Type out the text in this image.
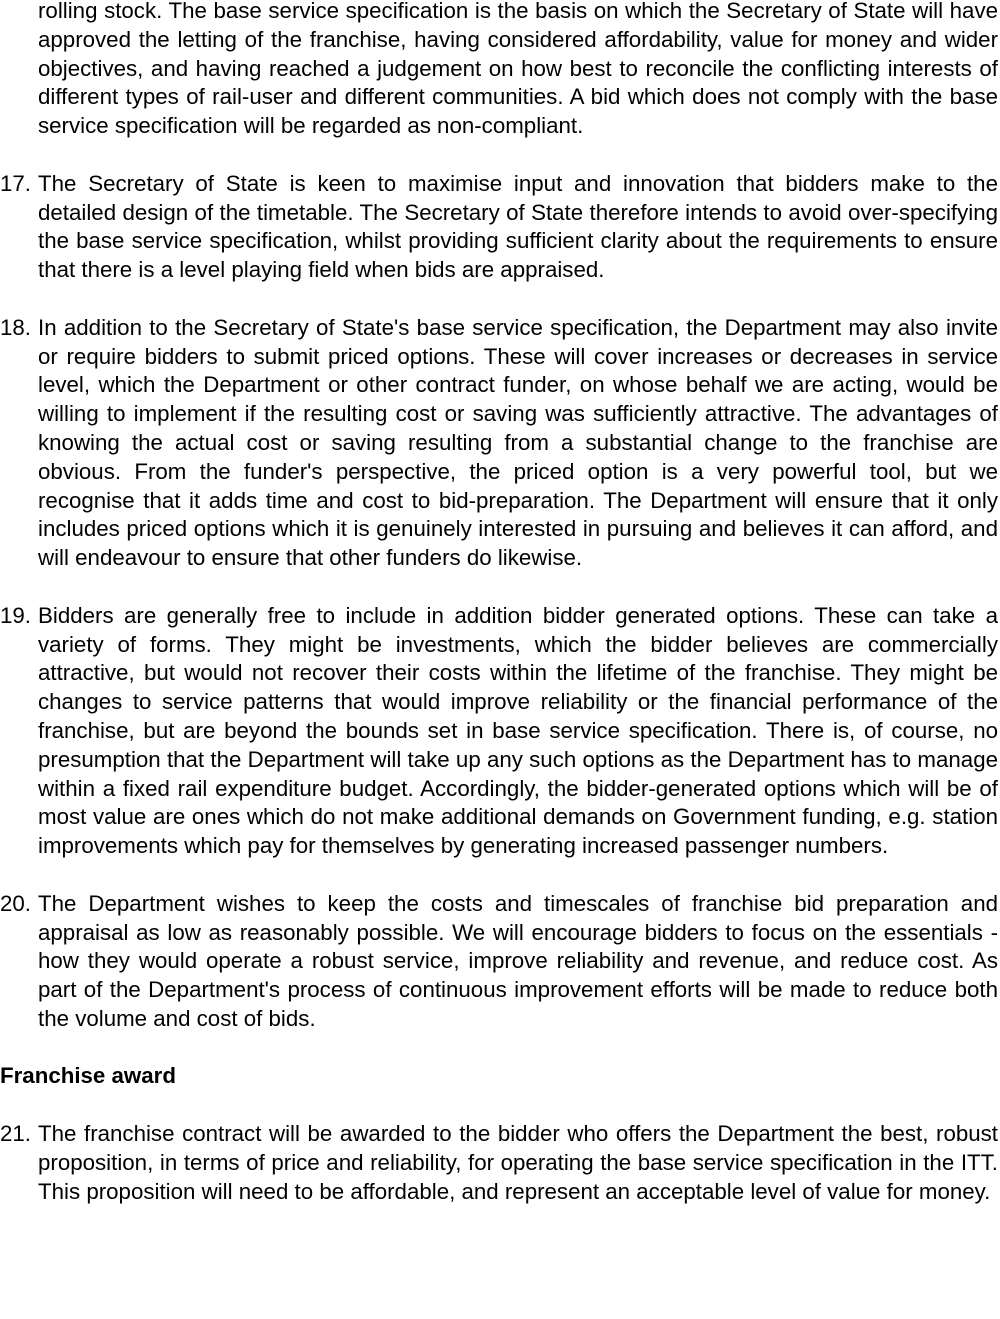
rolling stock. The base service specification is the basis on which the Secretary of State will have approved the letting of the franchise, having considered affordability, value for money and wider objectives, and having reached a judgement on how best to reconcile the conflicting interests of different types of rail-user and different communities. A bid which does not comply with the base service specification will be regarded as non-compliant.
17. The Secretary of State is keen to maximise input and innovation that bidders make to the detailed design of the timetable. The Secretary of State therefore intends to avoid over-specifying the base service specification, whilst providing sufficient clarity about the requirements to ensure that there is a level playing field when bids are appraised.
18. In addition to the Secretary of State's base service specification, the Department may also invite or require bidders to submit priced options. These will cover increases or decreases in service level, which the Department or other contract funder, on whose behalf we are acting, would be willing to implement if the resulting cost or saving was sufficiently attractive. The advantages of knowing the actual cost or saving resulting from a substantial change to the franchise are obvious. From the funder's perspective, the priced option is a very powerful tool, but we recognise that it adds time and cost to bid-preparation. The Department will ensure that it only includes priced options which it is genuinely interested in pursuing and believes it can afford, and will endeavour to ensure that other funders do likewise.
19. Bidders are generally free to include in addition bidder generated options. These can take a variety of forms. They might be investments, which the bidder believes are commercially attractive, but would not recover their costs within the lifetime of the franchise. They might be changes to service patterns that would improve reliability or the financial performance of the franchise, but are beyond the bounds set in base service specification. There is, of course, no presumption that the Department will take up any such options as the Department has to manage within a fixed rail expenditure budget. Accordingly, the bidder-generated options which will be of most value are ones which do not make additional demands on Government funding, e.g. station improvements which pay for themselves by generating increased passenger numbers.
20. The Department wishes to keep the costs and timescales of franchise bid preparation and appraisal as low as reasonably possible. We will encourage bidders to focus on the essentials - how they would operate a robust service, improve reliability and revenue, and reduce cost. As part of the Department's process of continuous improvement efforts will be made to reduce both the volume and cost of bids.
Franchise award
21. The franchise contract will be awarded to the bidder who offers the Department the best, robust proposition, in terms of price and reliability, for operating the base service specification in the ITT. This proposition will need to be affordable, and represent an acceptable level of value for money.
